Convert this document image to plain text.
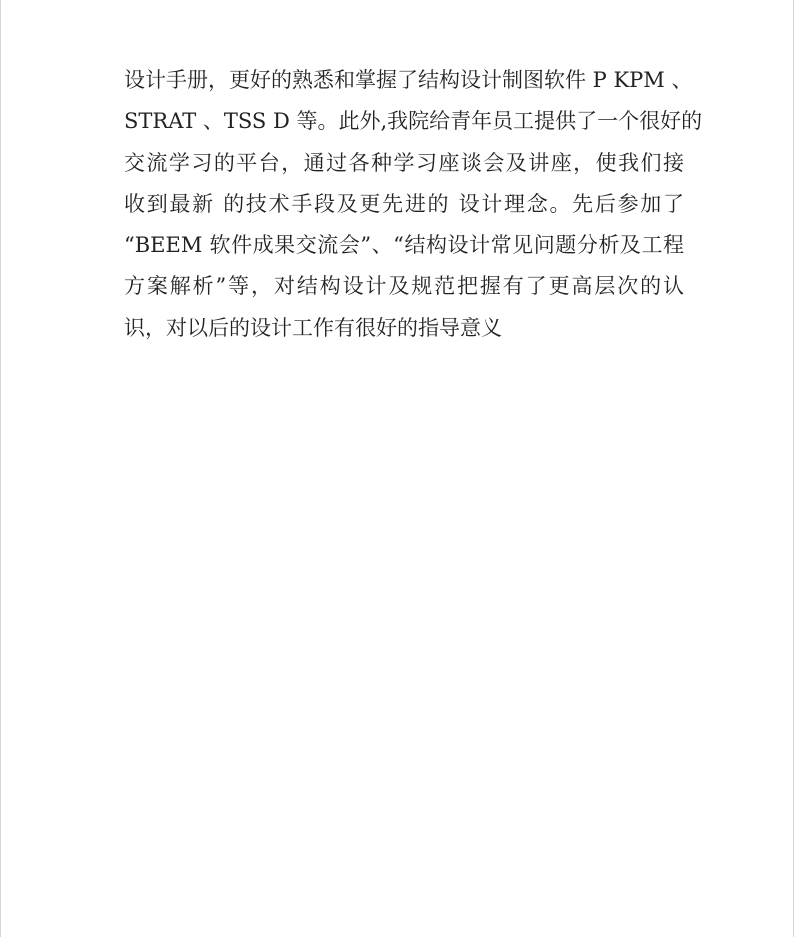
设计手册，更好的熟悉和掌握了结构设计制图软件 P KPM 、
STRAT 、TSS D 等。此外,我院给青年员工提供了一个很好的
交流学习的平台，通过各种学习座谈会及讲座，使我们接
收到最新 的技术手段及更先进的 设计理念。先后参加了
“BEEM 软件成果交流会”、“结构设计常见问题分析及工程
方案解析”等，对结构设计及规范把握有了更高层次的认
识，对以后的设计工作有很好的指导意义
